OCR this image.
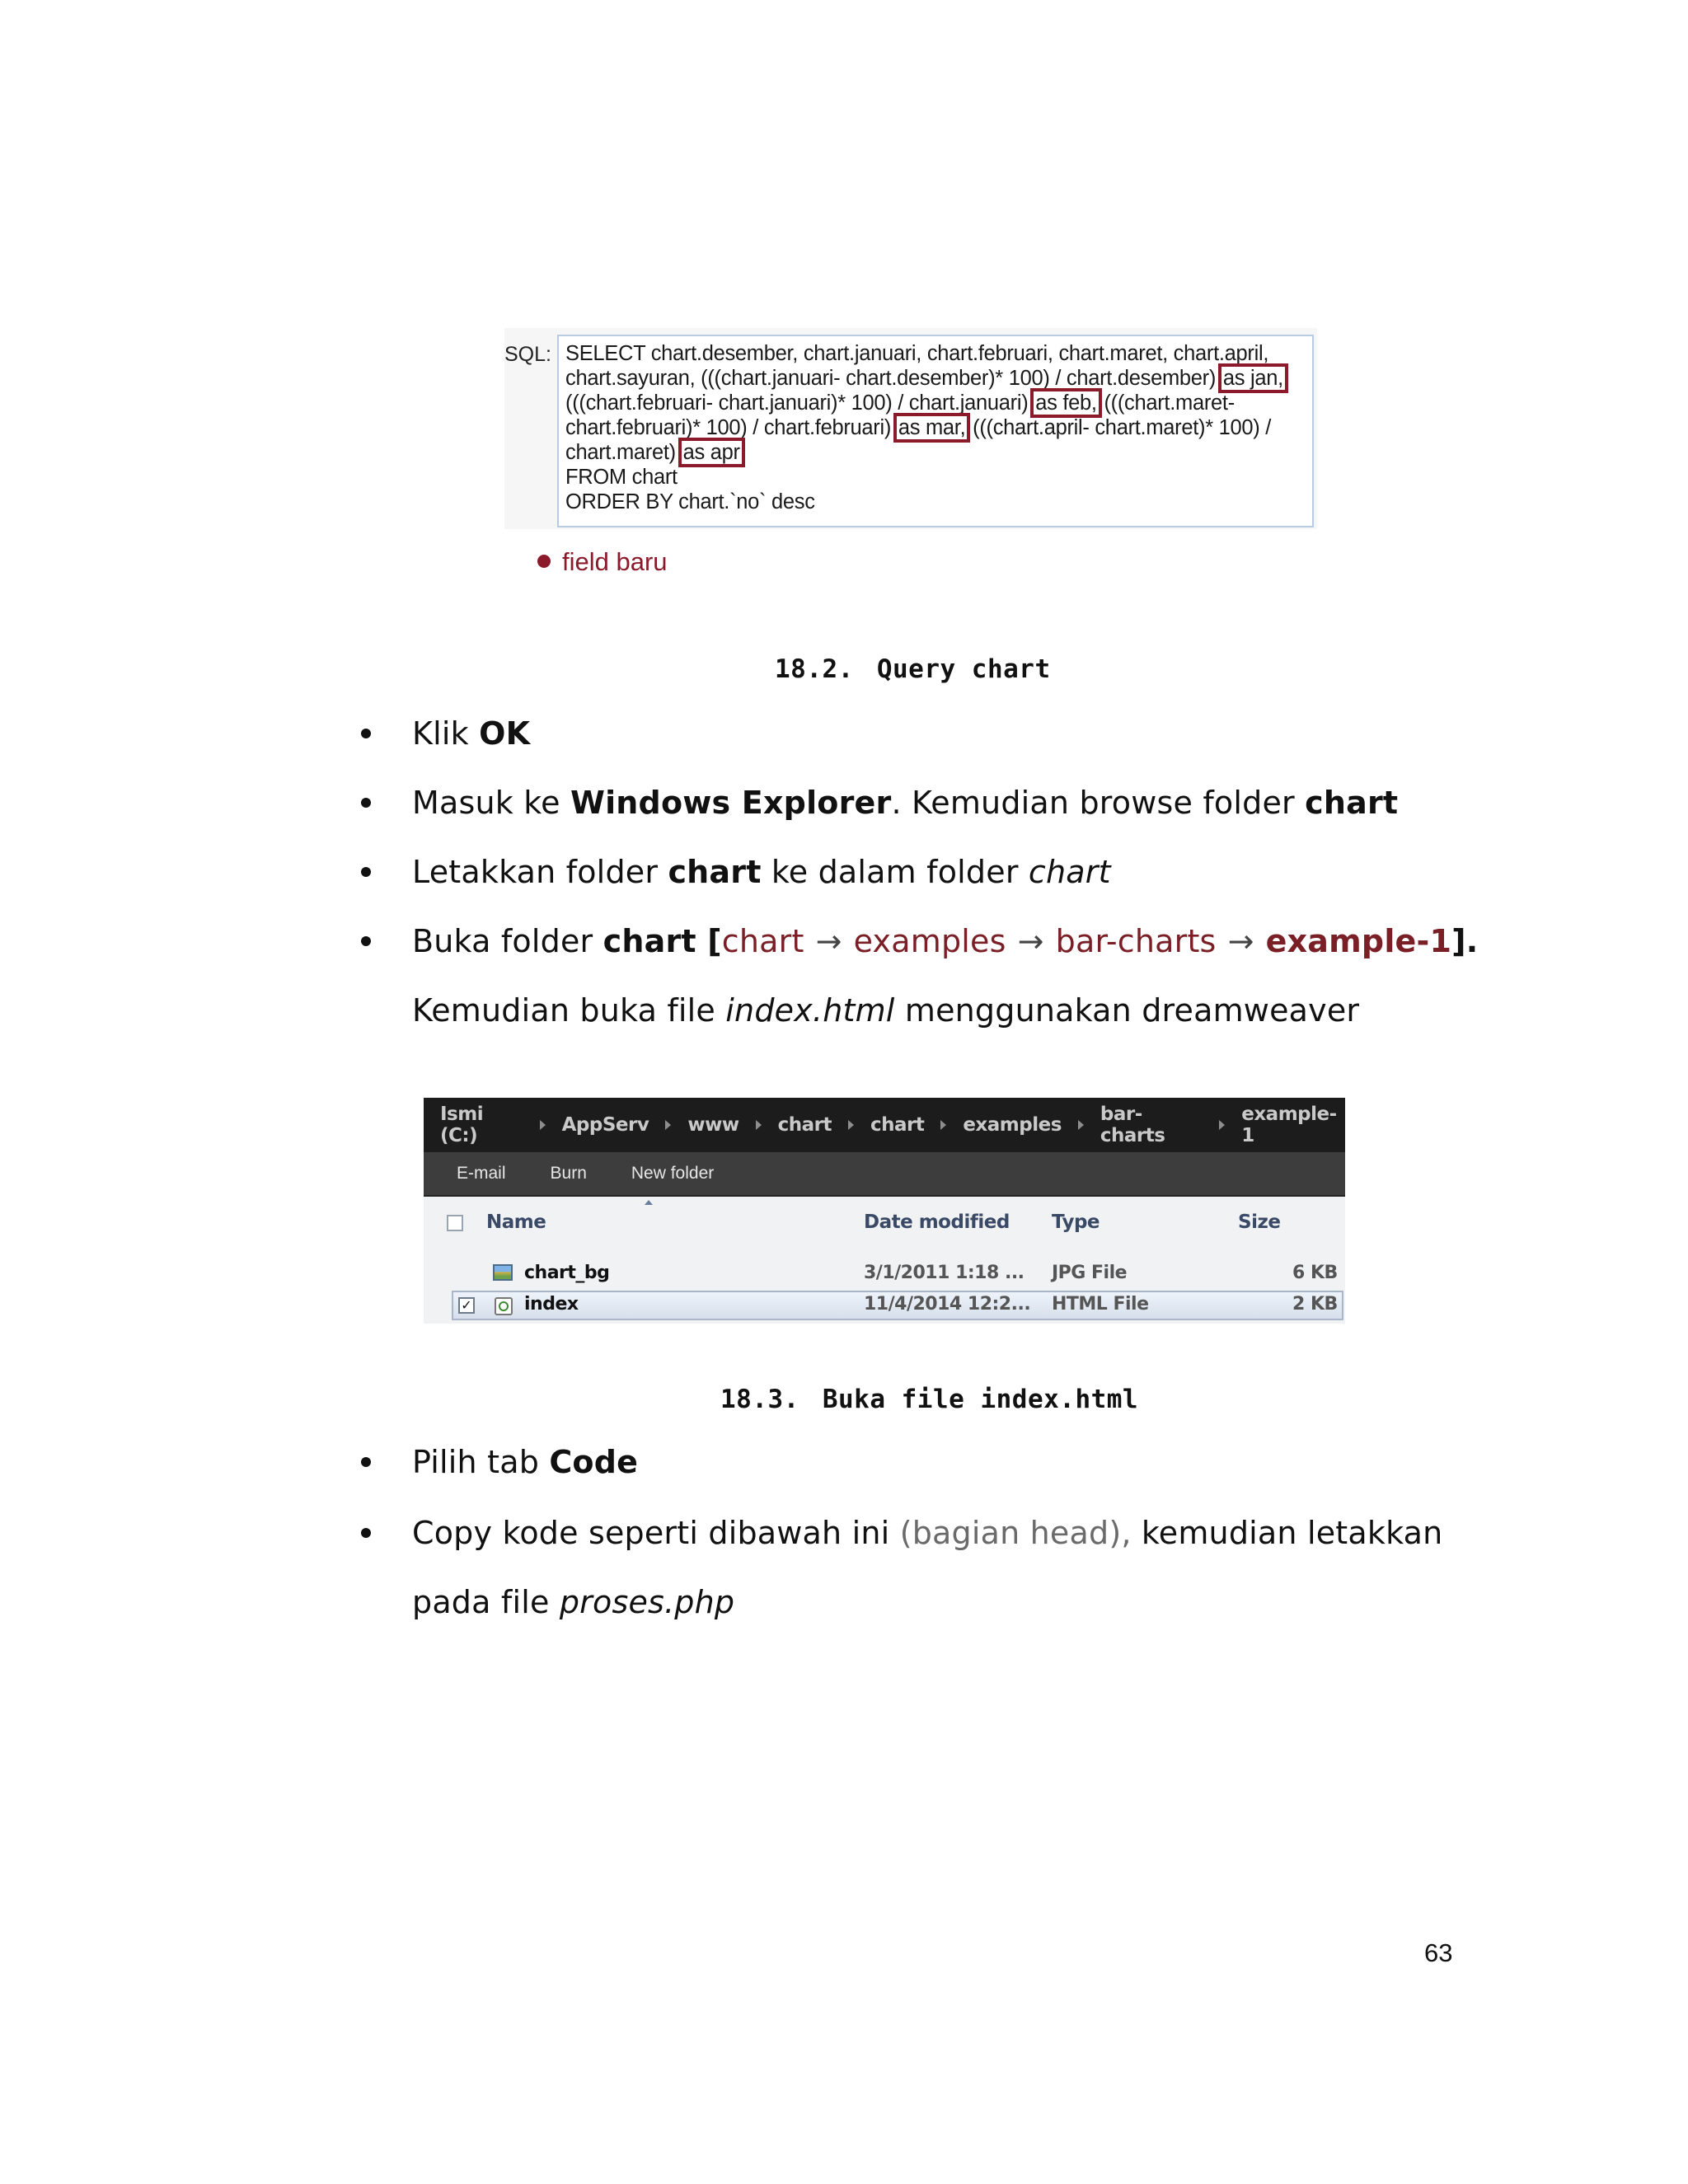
SQL: SELECT chart.desember, chart.januari, chart.februari, chart.maret, chart.april,
chart.sayuran, (((chart.januari- chart.desember)* 100) / chart.desember) as jan,
(((chart.februari- chart.januari)* 100) / chart.januari) as feb, (((chart.maret-
chart.februari)* 100) / chart.februari) as mar, (((chart.april- chart.maret)* 100) /
chart.maret) as apr
FROM chart
ORDER BY chart.`no` desc
field baru
18.2. Query chart
Klik OK
Masuk ke Windows Explorer. Kemudian browse folder chart
Letakkan folder chart ke dalam folder chart
Buka folder chart [chart → examples → bar-charts → example-1].
Kemudian buka file index.html menggunakan dreamweaver
Ismi (C:)	AppServ www chart chart examples bar-charts
example-1
E-mail	Burn	New folder
Name	Date modified Type	Size
chart_bg	3/1/2011 1:18 ... JPG File	6 KB
✓	index	11/4/2014 12:2... HTML File	2 KB
18.3. Buka file index.html
Pilih tab Code
Copy kode seperti dibawah ini (bagian head), kemudian letakkan
pada file proses.php
63
